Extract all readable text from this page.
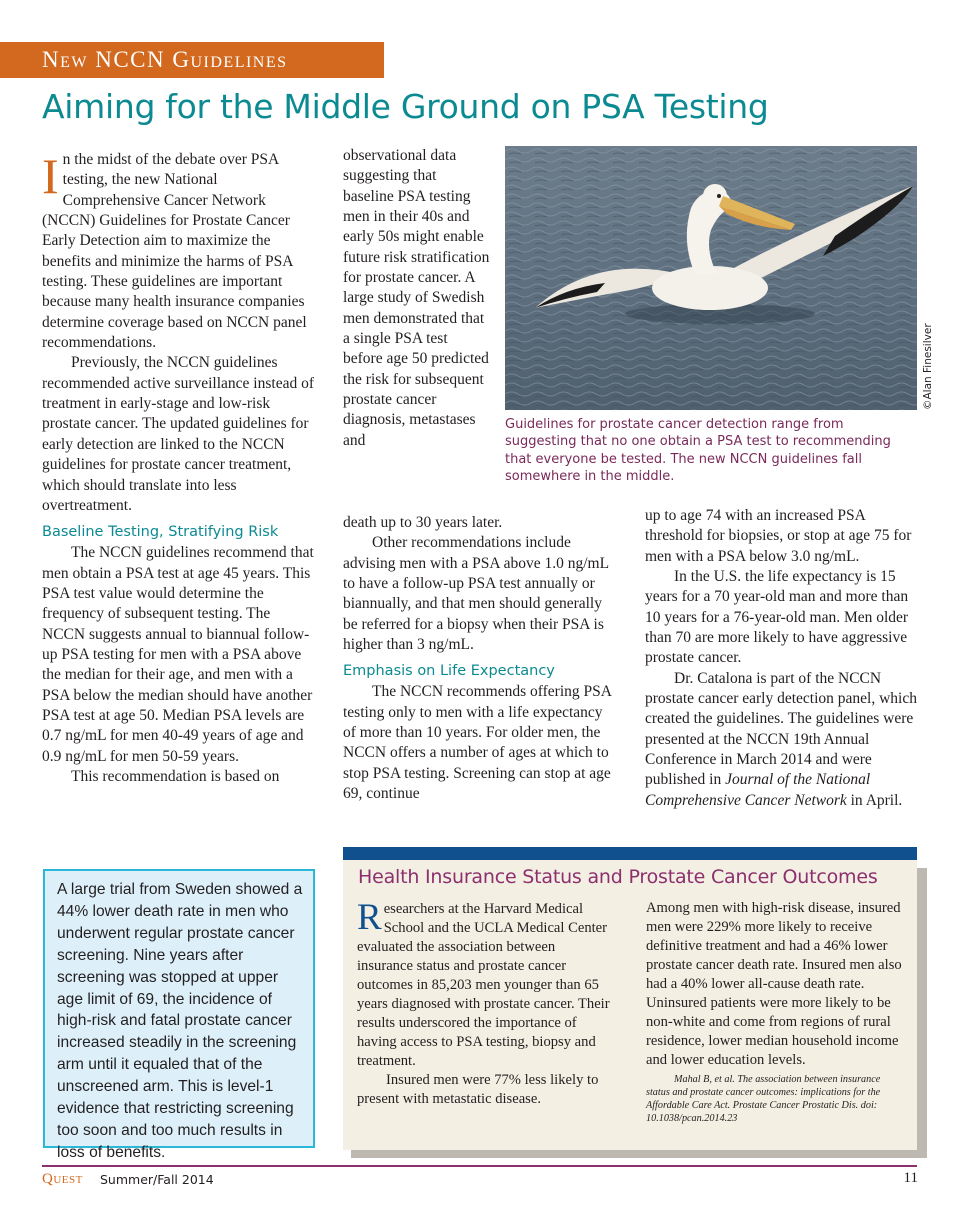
New NCCN Guidelines
Aiming for the Middle Ground on PSA Testing

In the midst of the debate over PSA testing, the new National Comprehensive Cancer Network (NCCN) Guidelines for Prostate Cancer Early Detection aim to maximize the benefits and minimize the harms of PSA testing. These guidelines are important because many health insurance companies determine coverage based on NCCN panel recommendations.

Previously, the NCCN guidelines recommended active surveillance instead of treatment in early-stage and low-risk prostate cancer. The updated guidelines for early detection are linked to the NCCN guidelines for prostate cancer treatment, which should translate into less overtreatment.

Baseline Testing, Stratifying Risk

The NCCN guidelines recommend that men obtain a PSA test at age 45 years. This PSA test value would determine the frequency of subsequent testing. The NCCN suggests annual to biannual follow-up PSA testing for men with a PSA above the median for their age, and men with a PSA below the median should have another PSA test at age 50. Median PSA levels are 0.7 ng/mL for men 40-49 years of age and 0.9 ng/mL for men 50-59 years.

This recommendation is based on

observational data suggesting that baseline PSA testing men in their 40s and early 50s might enable future risk stratification for prostate cancer. A large study of Swedish men demonstrated that a single PSA test before age 50 predicted the risk for subsequent prostate cancer diagnosis, metastases and

death up to 30 years later.

Other recommendations include advising men with a PSA above 1.0 ng/mL to have a follow-up PSA test annually or biannually, and that men should generally be referred for a biopsy when their PSA is higher than 3 ng/mL.

Emphasis on Life Expectancy

The NCCN recommends offering PSA testing only to men with a life expectancy of more than 10 years. For older men, the NCCN offers a number of ages at which to stop PSA testing. Screening can stop at age 69, continue

up to age 74 with an increased PSA threshold for biopsies, or stop at age 75 for men with a PSA below 3.0 ng/mL.

In the U.S. the life expectancy is 15 years for a 70 year-old man and more than 10 years for a 76-year-old man. Men older than 70 are more likely to have aggressive prostate cancer.

Dr. Catalona is part of the NCCN prostate cancer early detection panel, which created the guidelines. The guidelines were presented at the NCCN 19th Annual Conference in March 2014 and were published in Journal of the National Comprehensive Cancer Network in April.

©Alan Finesilver
Guidelines for prostate cancer detection range from suggesting that no one obtain a PSA test to recommending that everyone be tested. The new NCCN guidelines fall somewhere in the middle.
A large trial from Sweden showed a 44% lower death rate in men who underwent regular prostate cancer screening. Nine years after screening was stopped at upper age limit of 69, the incidence of high-risk and fatal prostate cancer increased steadily in the screening arm until it equaled that of the unscreened arm. This is level-1 evidence that restricting screening too soon and too much results in loss of benefits.
Health Insurance Status and Prostate Cancer Outcomes

Researchers at the Harvard Medical School and the UCLA Medical Center evaluated the association between insurance status and prostate cancer outcomes in 85,203 men younger than 65 years diagnosed with prostate cancer. Their results underscored the importance of having access to PSA testing, biopsy and treatment.

Insured men were 77% less likely to present with metastatic disease.

Among men with high-risk disease, insured men were 229% more likely to receive definitive treatment and had a 46% lower prostate cancer death rate. Insured men also had a 40% lower all-cause death rate. Uninsured patients were more likely to be non-white and come from regions of rural residence, lower median household income and lower education levels.

Mahal B, et al. The association between insurance status and prostate cancer outcomes: implications for the Affordable Care Act. Prostate Cancer Prostatic Dis. doi: 10.1038/pcan.2014.23

Quest Summer/Fall 2014	11
